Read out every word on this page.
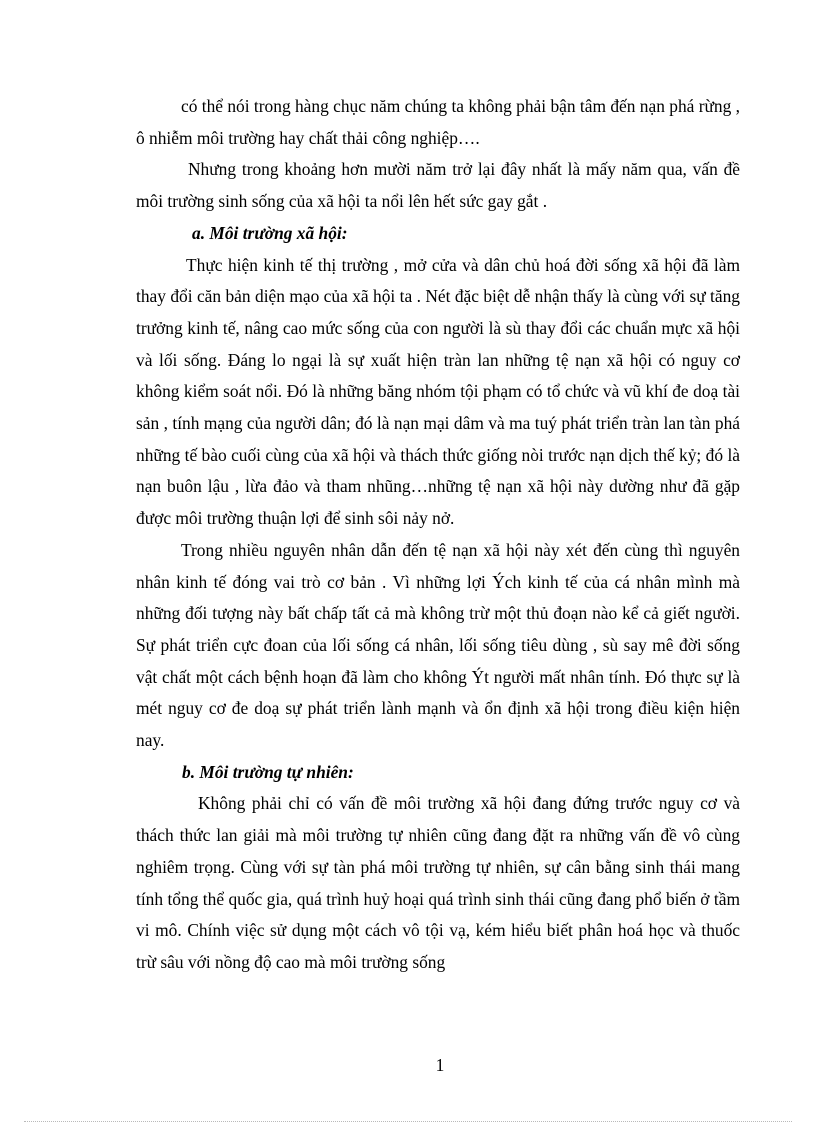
có thể nói trong hàng chục năm chúng ta không phải bận tâm đến nạn phá rừng , ô nhiễm môi trường hay chất thải công nghiệp….

Nhưng trong khoảng hơn mười năm trở lại đây nhất là mấy năm qua, vấn đề môi trường sinh sống của xã hội ta nổi lên hết sức gay gắt .

a. Môi trường xã hội:

Thực hiện kinh tế thị trường , mở cửa và dân chủ hoá đời sống xã hội đã làm thay đổi căn bản diện mạo của xã hội ta . Nét đặc biệt dễ nhận thấy là cùng với sự tăng trưởng kinh tế, nâng cao mức sống của con người là sù thay đổi các chuẩn mực xã hội và lối sống. Đáng lo ngại là sự xuất hiện tràn lan những tệ nạn xã hội có nguy cơ không kiểm soát nổi. Đó là những băng nhóm tội phạm có tổ chức và vũ khí đe doạ tài sản , tính mạng của người dân; đó là nạn mại dâm và ma tuý phát triển tràn lan tàn phá những tế bào cuối cùng của xã hội và thách thức giống nòi trước nạn dịch thế kỷ; đó là nạn buôn lậu , lừa đảo và tham nhũng…những tệ nạn xã hội này dường như đã gặp được môi trường thuận lợi để sinh sôi nảy nở.

Trong nhiều nguyên nhân dẫn đến tệ nạn xã hội này xét đến cùng thì nguyên nhân kinh tế đóng vai trò cơ bản . Vì những lợi Ých kinh tế của cá nhân mình mà những đối tượng này bất chấp tất cả mà không trừ một thủ đoạn nào kể cả giết người. Sự phát triển cực đoan của lối sống cá nhân, lối sống tiêu dùng , sù say mê đời sống vật chất một cách bệnh hoạn đã làm cho không Ýt người mất nhân tính. Đó thực sự là mét nguy cơ đe doạ sự phát triển lành mạnh và ổn định xã hội trong điều kiện hiện nay.

b. Môi trường tự nhiên:

Không phải chỉ có vấn đề môi trường xã hội đang đứng trước nguy cơ và thách thức lan giải mà môi trường tự nhiên cũng đang đặt ra những vấn đề vô cùng nghiêm trọng. Cùng với sự tàn phá môi trường tự nhiên, sự cân bằng sinh thái mang tính tổng thể quốc gia, quá trình huỷ hoại quá trình sinh thái cũng đang phổ biến ở tầm vi mô. Chính việc sử dụng một cách vô tội vạ, kém hiểu biết phân hoá học và thuốc trừ sâu với nồng độ cao mà môi trường sống

1
